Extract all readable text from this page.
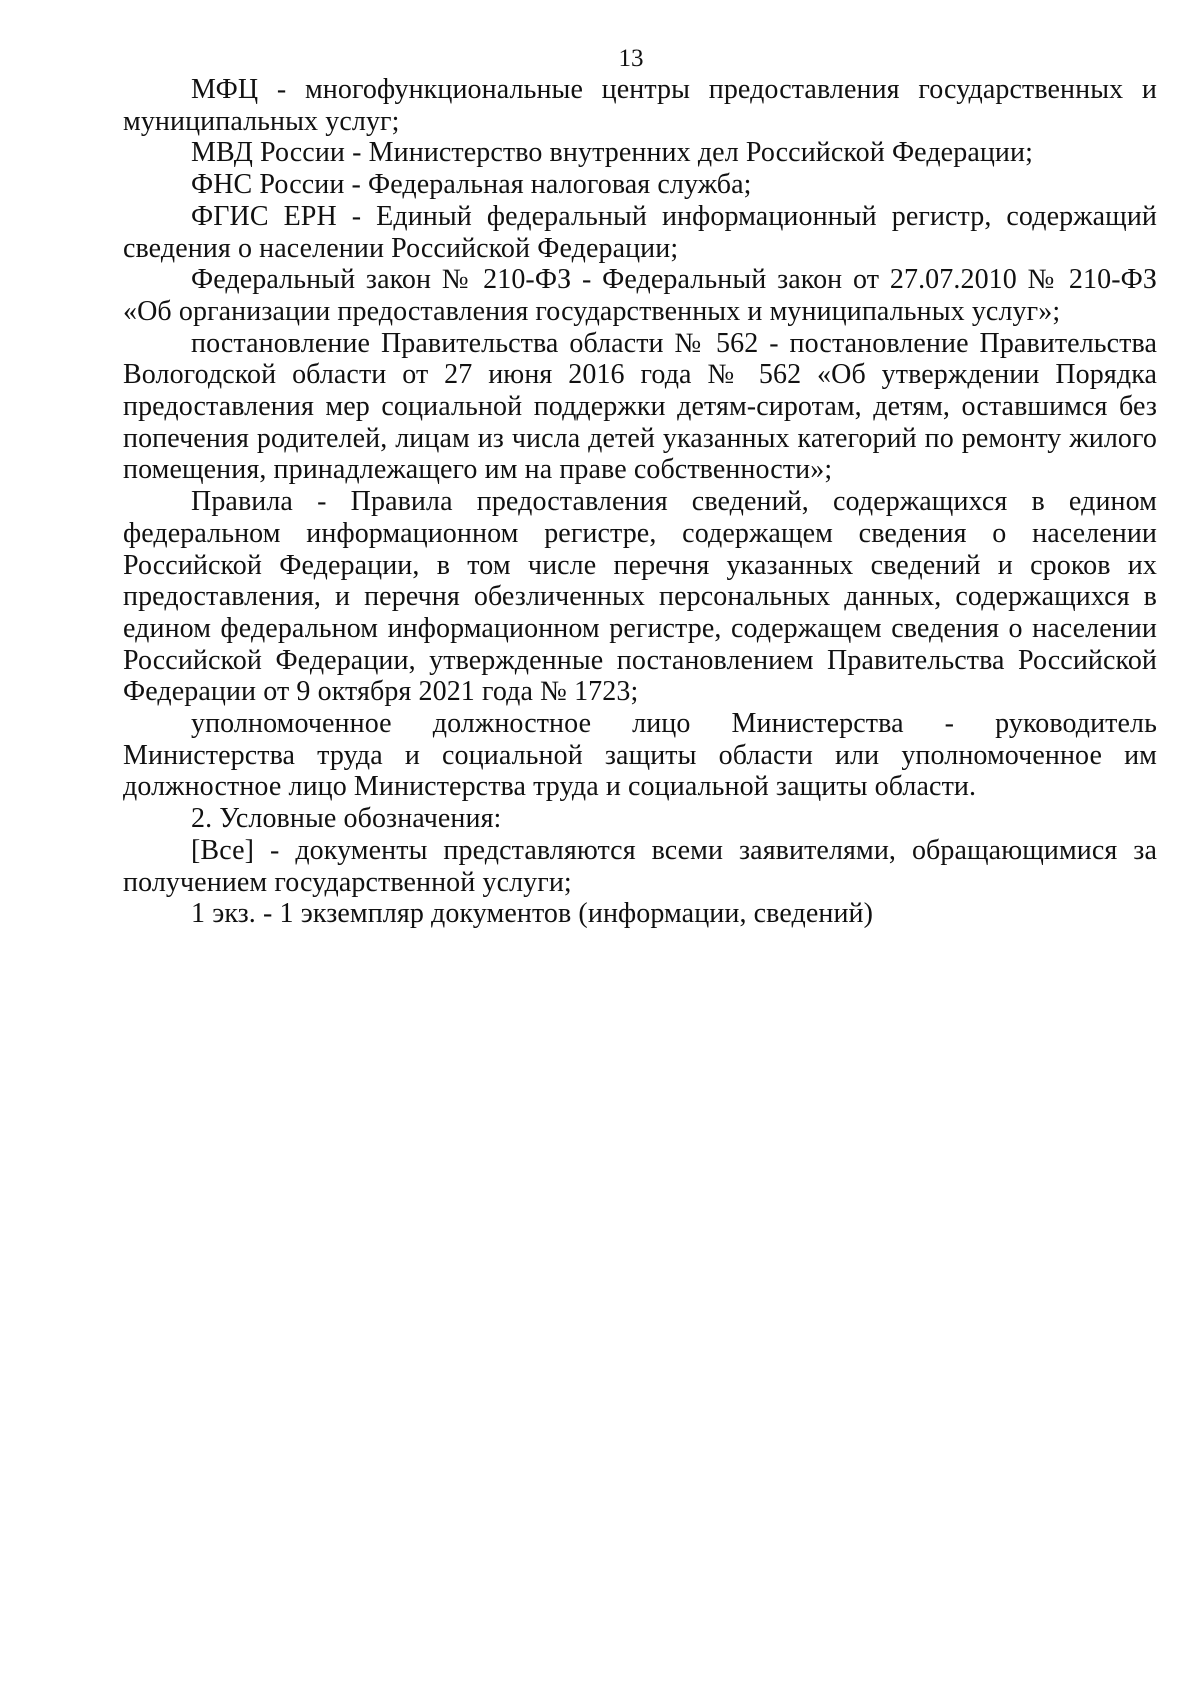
13

МФЦ - многофункциональные центры предоставления государственных и муниципальных услуг;

МВД России - Министерство внутренних дел Российской Федерации;

ФНС России - Федеральная налоговая служба;

ФГИС ЕРН - Единый федеральный информационный регистр, содержащий сведения о населении Российской Федерации;

Федеральный закон № 210-ФЗ - Федеральный закон от 27.07.2010 № 210-ФЗ «Об организации предоставления государственных и муниципальных услуг»;

постановление Правительства области № 562 - постановление Правительства Вологодской области от 27 июня 2016 года № 562 «Об утверждении Порядка предоставления мер социальной поддержки детям-сиротам, детям, оставшимся без попечения родителей, лицам из числа детей указанных категорий по ремонту жилого помещения, принадлежащего им на праве собственности»;

Правила - Правила предоставления сведений, содержащихся в едином федеральном информационном регистре, содержащем сведения о населении Российской Федерации, в том числе перечня указанных сведений и сроков их предоставления, и перечня обезличенных персональных данных, содержащихся в едином федеральном информационном регистре, содержащем сведения о населении Российской Федерации, утвержденные постановлением Правительства Российской Федерации от 9 октября 2021 года № 1723;

уполномоченное должностное лицо Министерства - руководитель Министерства труда и социальной защиты области или уполномоченное им должностное лицо Министерства труда и социальной защиты области.

2. Условные обозначения:

[Все] - документы представляются всеми заявителями, обращающимися за получением государственной услуги;

1 экз. - 1 экземпляр документов (информации, сведений)
